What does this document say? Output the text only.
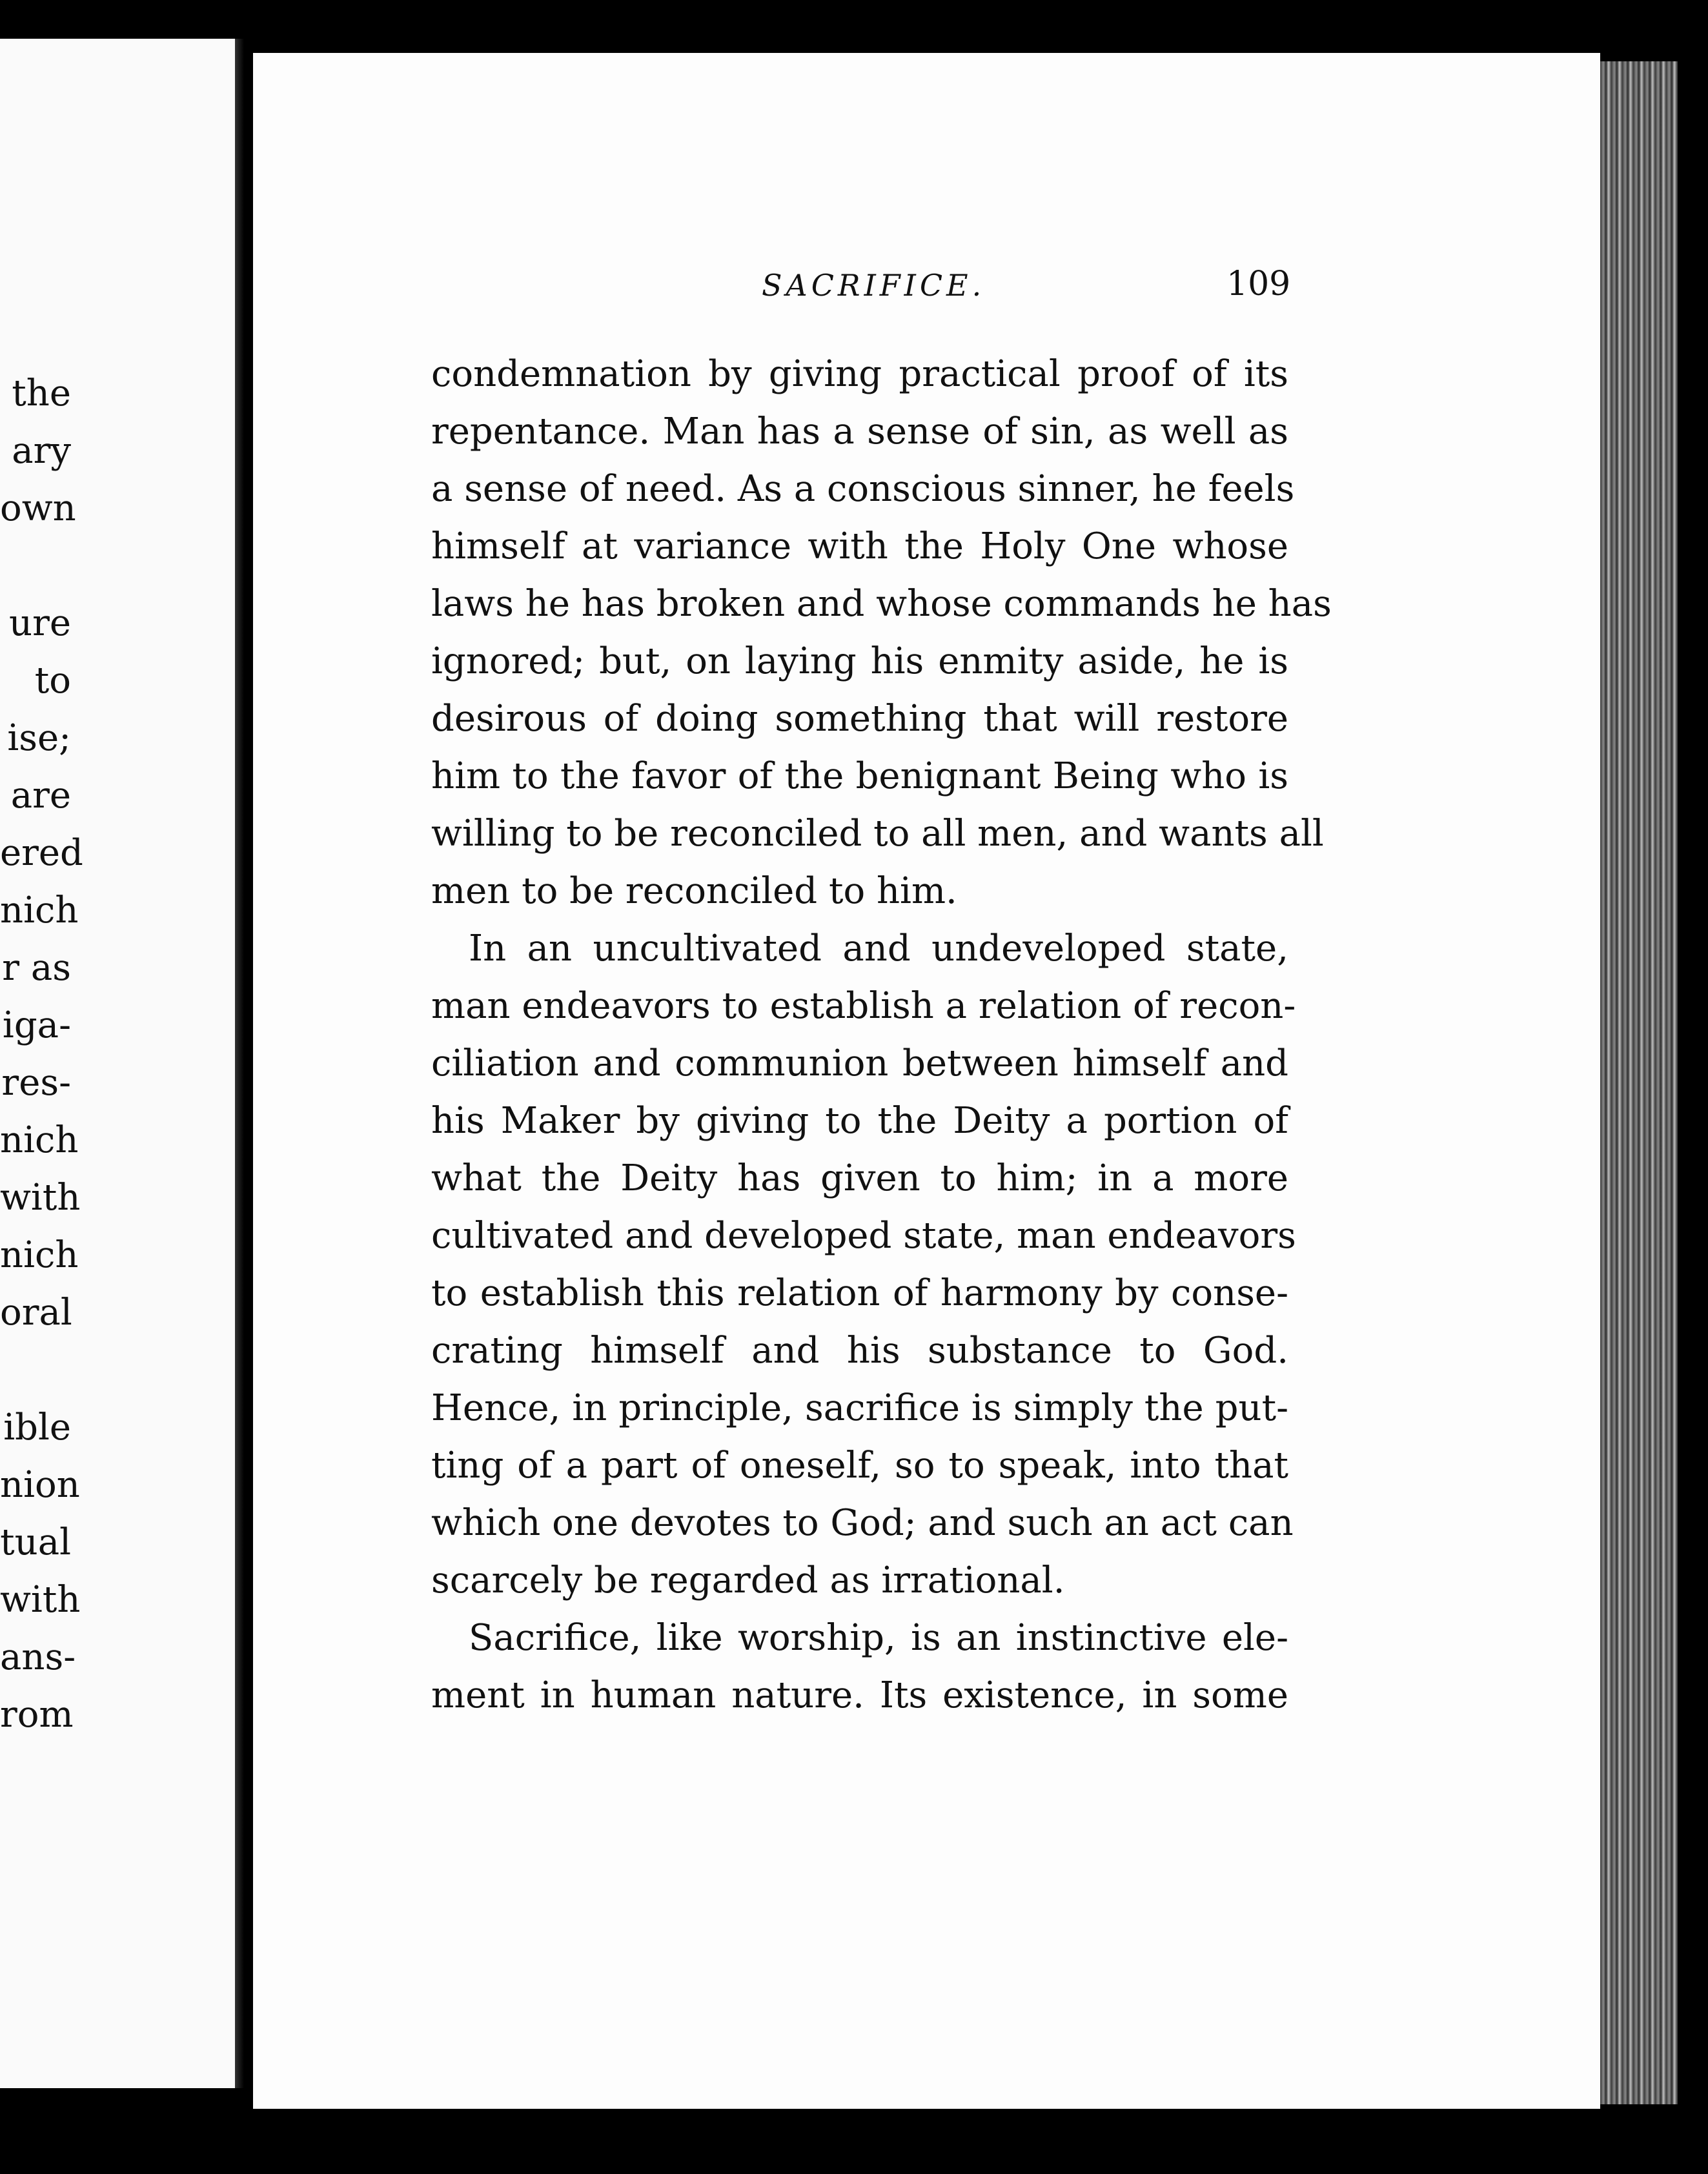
the
ary
own
ure
to
ise;
are
ered
nich
r as
iga-
res-
nich
with
nich
oral
ible
nion
tual
with
ans-
rom
SACRIFICE.	109
condemnation by giving practical proof of its
repentance. Man has a sense of sin, as well as
a sense of need. As a conscious sinner, he feels
himself at variance with the Holy One whose
laws he has broken and whose commands he has
ignored; but, on laying his enmity aside, he is
desirous of doing something that will restore
him to the favor of the benignant Being who is
willing to be reconciled to all men, and wants all
men to be reconciled to him.
In an uncultivated and undeveloped state,
man endeavors to establish a relation of recon-
ciliation and communion between himself and
his Maker by giving to the Deity a portion of
what the Deity has given to him; in a more
cultivated and developed state, man endeavors
to establish this relation of harmony by conse-
crating himself and his substance to God.
Hence, in principle, sacrifice is simply the put-
ting of a part of oneself, so to speak, into that
which one devotes to God; and such an act can
scarcely be regarded as irrational.
Sacrifice, like worship, is an instinctive ele-
ment in human nature. Its existence, in some
